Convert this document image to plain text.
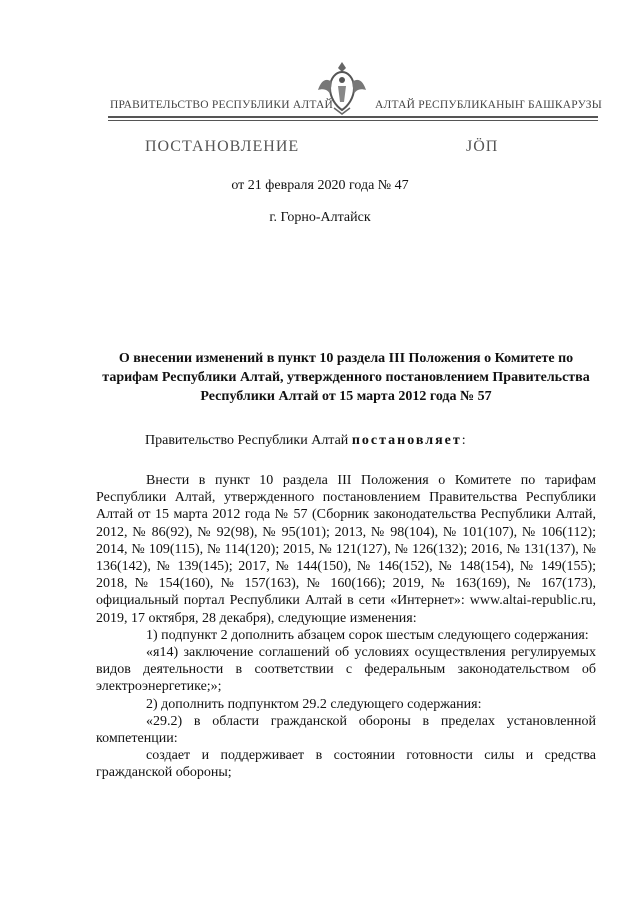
ПРАВИТЕЛЬСТВО РЕСПУБЛИКИ АЛТАЙ	АЛТАЙ РЕСПУБЛИКАНЫҤ БАШКАРУЗЫ
ПОСТАНОВЛЕНИЕ	ЈÖП
от 21 февраля 2020 года № 47
г. Горно-Алтайск
О внесении изменений в пункт 10 раздела III Положения о Комитете по тарифам Республики Алтай, утвержденного постановлением Правительства Республики Алтай от 15 марта 2012 года № 57
Правительство Республики Алтай постановляет:

Внести в пункт 10 раздела III Положения о Комитете по тарифам Республики Алтай, утвержденного постановлением Правительства Республики Алтай от 15 марта 2012 года № 57 (Сборник законодательства Республики Алтай, 2012, № 86(92), № 92(98), № 95(101); 2013, № 98(104), № 101(107), № 106(112); 2014, № 109(115), № 114(120); 2015, № 121(127), № 126(132); 2016, № 131(137), № 136(142), № 139(145); 2017, № 144(150), № 146(152), № 148(154), № 149(155); 2018, № 154(160), № 157(163), № 160(166); 2019, № 163(169), № 167(173), официальный портал Республики Алтай в сети «Интернет»: www.altai-republic.ru, 2019, 17 октября, 28 декабря), следующие изменения:

1) подпункт 2 дополнить абзацем сорок шестым следующего содержания:

«я14) заключение соглашений об условиях осуществления регулируемых видов деятельности в соответствии с федеральным законодательством об электроэнергетике;»;

2) дополнить подпунктом 29.2 следующего содержания:

«29.2) в области гражданской обороны в пределах установленной компетенции:

создает и поддерживает в состоянии готовности силы и средства гражданской обороны;
